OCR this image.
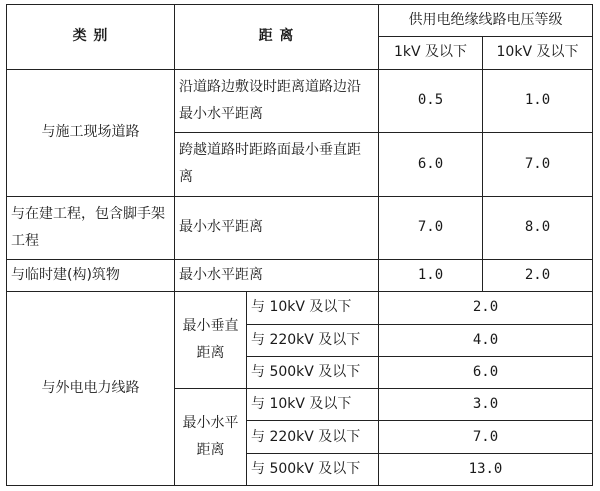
类 别	距 离		供用电绝缘线路电压等级	
			1kV 及以下	10kV 及以下
与施工现场道路	沿道路边敷设时距离道路边沿最小水平距离		0.5	1.0
	跨越道路时距路面最小垂直距离		6.0	7.0
与在建工程，包含脚手架工程	最小水平距离		7.0	8.0
与临时建(构)筑物	最小水平距离		1.0	2.0
与外电电力线路	最小垂直距离	与 10kV 及以下	2.0	
		与 220kV 及以下	4.0	
		与 500kV 及以下	6.0	
	最小水平距离	与 10kV 及以下	3.0	
		与 220kV 及以下	7.0	
		与 500kV 及以下	13.0	
